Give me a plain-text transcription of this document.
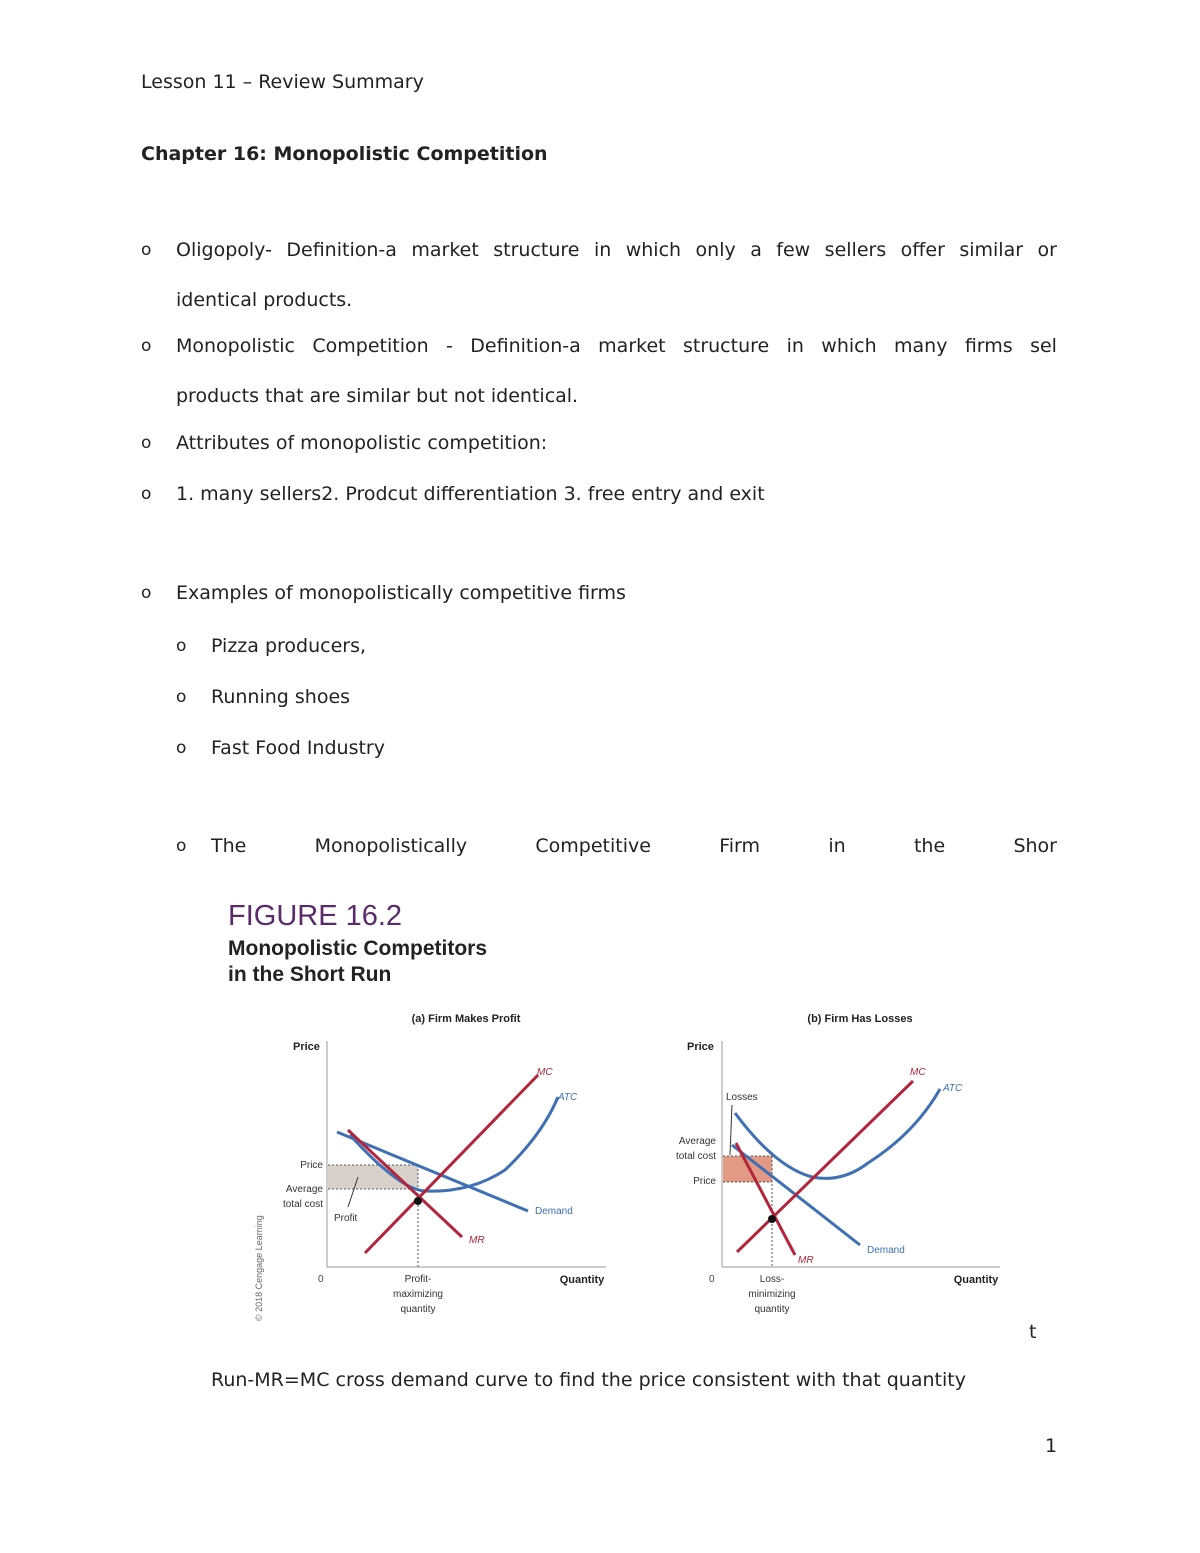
Lesson 11 – Review Summary
Chapter 16: Monopolistic Competition
o Oligopoly- Definition-a market structure in which only a few sellers offer similar or
identical products.
o Monopolistic Competition - Definition-a market structure in which many firms sel
products that are similar but not identical.
o Attributes of monopolistic competition:
o 1. many sellers2. Prodcut differentiation 3. free entry and exit
o Examples of monopolistically competitive firms
o Pizza producers,
o Running shoes
o Fast Food Industry
o The	Monopolistically	Competitive	Firm	in	the	Shor
FIGURE 16.2
Monopolistic Competitors
in the Short Run
© 2018 Cengage Learning
(a) Firm Makes Profit
Price
Quantity
0
MC
ATC
Demand
MR
Price
Average
total cost
Profit
Profit-
maximizing
quantity
(b) Firm Has Losses
Price
Quantity
0
MC
ATC
Demand
MR
Losses
Average
total cost
Price
Loss-
minimizing
quantity
t
Run-MR=MC cross demand curve to find the price consistent with that quantity
1
